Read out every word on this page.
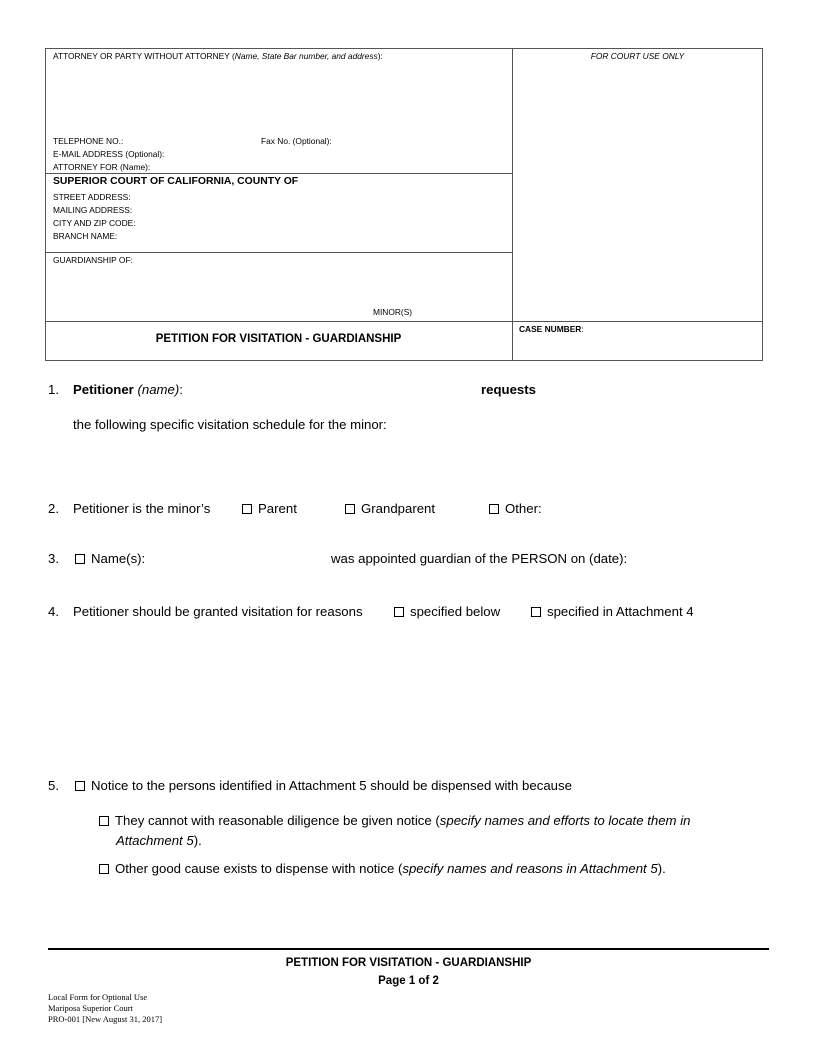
ATTORNEY OR PARTY WITHOUT ATTORNEY (Name, State Bar number, and address):	FOR COURT USE ONLY
TELEPHONE NO.:	Fax No. (Optional):
E-MAIL ADDRESS (Optional):
ATTORNEY FOR (Name):
SUPERIOR COURT OF CALIFORNIA, COUNTY OF
STREET ADDRESS:
MAILING ADDRESS:
CITY AND ZIP CODE:
BRANCH NAME:
GUARDIANSHIP OF:
MINOR(S)
PETITION FOR VISITATION - GUARDIANSHIP
CASE NUMBER:
1. Petitioner (name):	requests
the following specific visitation schedule for the minor:
2. Petitioner is the minor’s	Parent	Grandparent	Other:
3.	Name(s):	was appointed guardian of the PERSON on (date):
4. Petitioner should be granted visitation for reasons	specified below	specified in Attachment 4
5.	Notice to the persons identified in Attachment 5 should be dispensed with because
They cannot with reasonable diligence be given notice (specify names and efforts to locate them in
Attachment 5).
Other good cause exists to dispense with notice (specify names and reasons in Attachment 5).
PETITION FOR VISITATION - GUARDIANSHIP
Page 1 of 2
Local Form for Optional Use
Mariposa Superior Court
PRO-001 [New August 31, 2017]
